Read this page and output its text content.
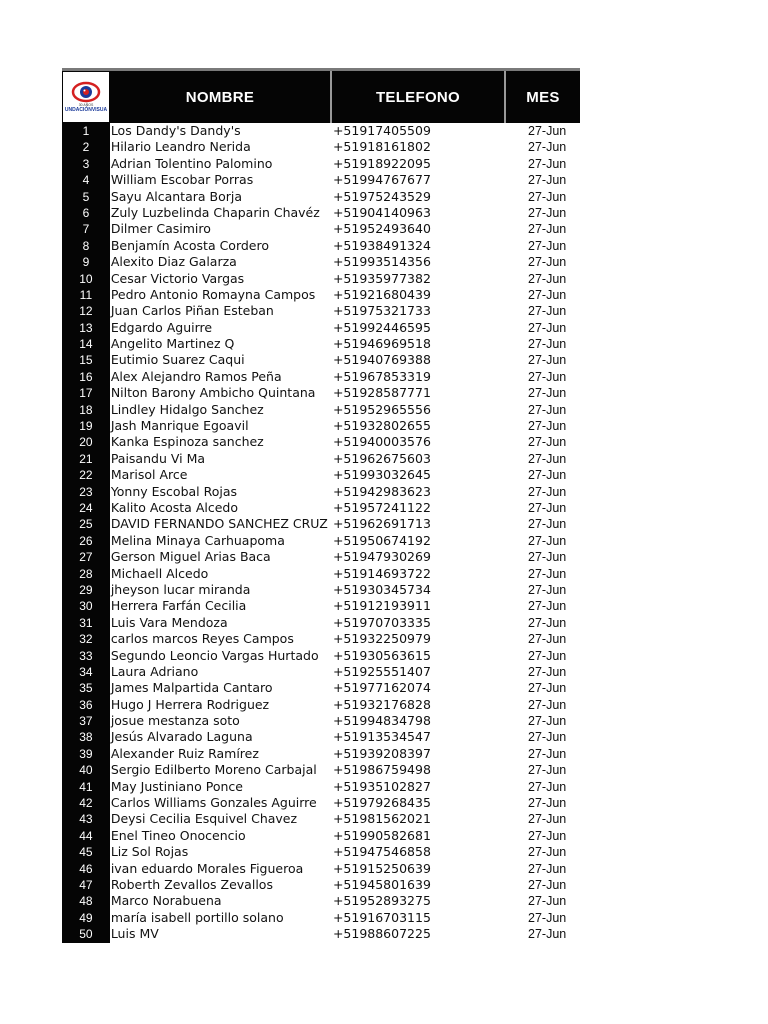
30 AÑOS
UNDACIÓNVISUA
NOMBRE	TELEFONO	MES
1	Los Dandy's Dandy's	+51917405509	27-Jun
2	Hilario Leandro Nerida	+51918161802	27-Jun
3	Adrian Tolentino Palomino	+51918922095	27-Jun
4	William Escobar Porras	+51994767677	27-Jun
5	Sayu Alcantara Borja	+51975243529	27-Jun
6	Zuly Luzbelinda Chaparin Chavéz	+51904140963	27-Jun
7	Dilmer Casimiro	+51952493640	27-Jun
8	Benjamín Acosta Cordero	+51938491324	27-Jun
9	Alexito Diaz Galarza	+51993514356	27-Jun
10	Cesar Victorio Vargas	+51935977382	27-Jun
11	Pedro Antonio Romayna Campos	+51921680439	27-Jun
12	Juan Carlos Piñan Esteban	+51975321733	27-Jun
13	Edgardo Aguirre	+51992446595	27-Jun
14	Angelito Martinez Q	+51946969518	27-Jun
15	Eutimio Suarez Caqui	+51940769388	27-Jun
16	Alex Alejandro Ramos Peña	+51967853319	27-Jun
17	Nilton Barony Ambicho Quintana	+51928587771	27-Jun
18	Lindley Hidalgo Sanchez	+51952965556	27-Jun
19	Jash Manrique Egoavil	+51932802655	27-Jun
20	Kanka Espinoza sanchez	+51940003576	27-Jun
21	Paisandu Vi Ma	+51962675603	27-Jun
22	Marisol Arce	+51993032645	27-Jun
23	Yonny Escobal Rojas	+51942983623	27-Jun
24	Kalito Acosta Alcedo	+51957241122	27-Jun
25	DAVID FERNANDO SANCHEZ CRUZ +51962691713	27-Jun
26	Melina Minaya Carhuapoma	+51950674192	27-Jun
27	Gerson Miguel Arias Baca	+51947930269	27-Jun
28	Michaell Alcedo	+51914693722	27-Jun
29	jheyson lucar miranda	+51930345734	27-Jun
30	Herrera Farfán Cecilia	+51912193911	27-Jun
31	Luis Vara Mendoza	+51970703335	27-Jun
32	carlos marcos Reyes Campos	+51932250979	27-Jun
33	Segundo Leoncio Vargas Hurtado	+51930563615	27-Jun
34	Laura Adriano	+51925551407	27-Jun
35	James Malpartida Cantaro	+51977162074	27-Jun
36	Hugo J Herrera Rodriguez	+51932176828	27-Jun
37	josue mestanza soto	+51994834798	27-Jun
38	Jesús Alvarado Laguna	+51913534547	27-Jun
39	Alexander Ruiz Ramírez	+51939208397	27-Jun
40	Sergio Edilberto Moreno Carbajal	+51986759498	27-Jun
41	May Justiniano Ponce	+51935102827	27-Jun
42	Carlos Williams Gonzales Aguirre	+51979268435	27-Jun
43	Deysi Cecilia Esquivel Chavez	+51981562021	27-Jun
44	Enel Tineo Onocencio	+51990582681	27-Jun
45	Liz Sol Rojas	+51947546858	27-Jun
46	ivan eduardo Morales Figueroa	+51915250639	27-Jun
47	Roberth Zevallos Zevallos	+51945801639	27-Jun
48	Marco Norabuena	+51952893275	27-Jun
49	maría isabell portillo solano	+51916703115	27-Jun
50	Luis MV	+51988607225	27-Jun
